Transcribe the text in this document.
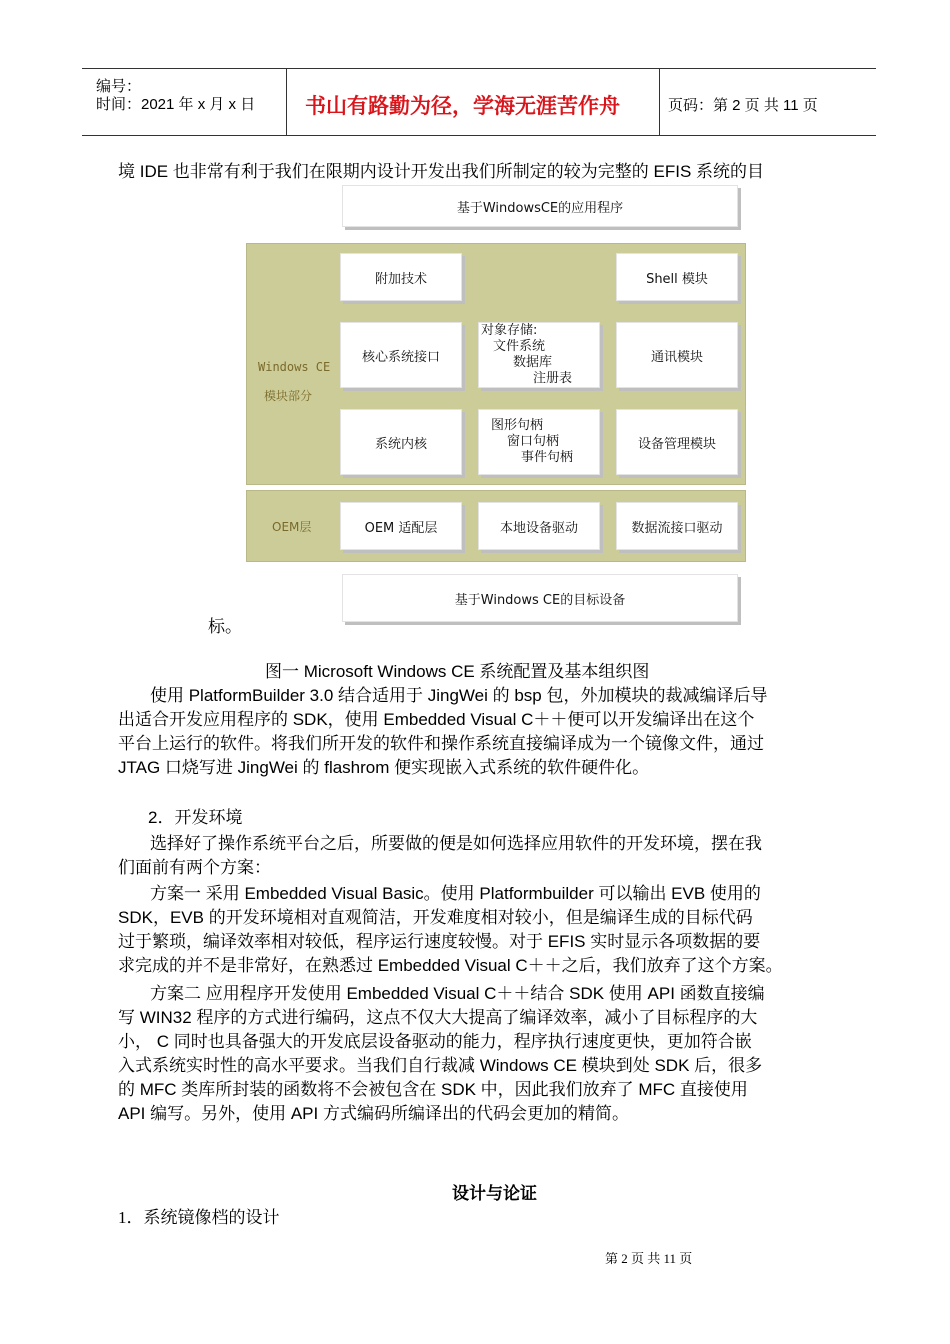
编号：
时间：2021 年 x 月 x 日 书山有路勤为径，学海无涯苦作舟	页码：第 2 页 共 11 页
境 IDE 也非常有利于我们在限期内设计开发出我们所制定的较为完整的 EFIS 系统的目
基于WindowsCE的应用程序
Windows CE
模块部分
附加技术	Shell 模块
核心系统接口
对象存储:
文件系统
数据库
注册表
通讯模块
系统内核
图形句柄
窗口句柄
事件句柄
设备管理模块
OEM层	OEM 适配层	本地设备驱动	数据流接口驱动
基于Windows CE的目标设备
标。
图一 Microsoft Windows CE 系统配置及基本组织图
使用 PlatformBuilder 3.0 结合适用于 JingWei 的 bsp 包，外加模块的裁减编译后导
出适合开发应用程序的 SDK，使用 Embedded Visual C＋＋便可以开发编译出在这个
平台上运行的软件。将我们所开发的软件和操作系统直接编译成为一个镜像文件，通过
JTAG 口烧写进 JingWei 的 flashrom 便实现嵌入式系统的软件硬件化。
2．开发环境
选择好了操作系统平台之后，所要做的便是如何选择应用软件的开发环境，摆在我
们面前有两个方案：
方案一 采用 Embedded Visual Basic。使用 Platformbuilder 可以输出 EVB 使用的
SDK，EVB 的开发环境相对直观简洁，开发难度相对较小，但是编译生成的目标代码
过于繁琐，编译效率相对较低，程序运行速度较慢。对于 EFIS 实时显示各项数据的要
求完成的并不是非常好，在熟悉过 Embedded Visual C＋＋之后，我们放弃了这个方案。
方案二 应用程序开发使用 Embedded Visual C＋＋结合 SDK 使用 API 函数直接编
写 WIN32 程序的方式进行编码，这点不仅大大提高了编译效率，减小了目标程序的大
小， C 同时也具备强大的开发底层设备驱动的能力，程序执行速度更快，更加符合嵌
入式系统实时性的高水平要求。当我们自行裁减 Windows CE 模块到处 SDK 后，很多
的 MFC 类库所封装的函数将不会被包含在 SDK 中，因此我们放弃了 MFC 直接使用
API 编写。另外，使用 API 方式编码所编译出的代码会更加的精简。
设计与论证
1．系统镜像档的设计
第 2 页 共 11 页
